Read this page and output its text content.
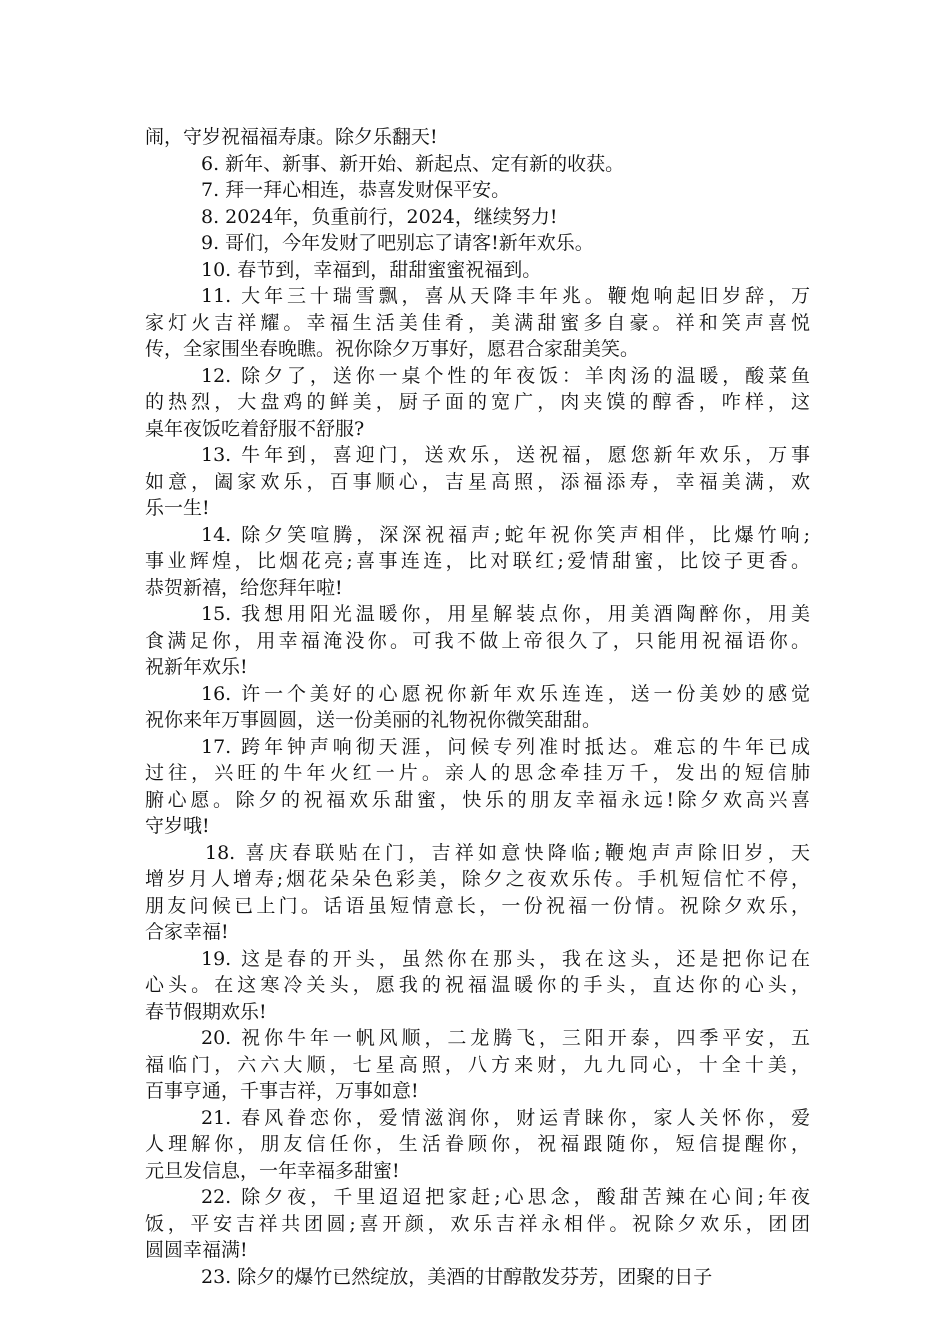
闹，守岁祝福福寿康。除夕乐翻天!
6. 新年、新事、新开始、新起点、定有新的收获。
7. 拜一拜心相连，恭喜发财保平安。
8. 2024年，负重前行，2024，继续努力!
9. 哥们，今年发财了吧别忘了请客!新年欢乐。
10. 春节到，幸福到，甜甜蜜蜜祝福到。
11. 大年三十瑞雪飘，喜从天降丰年兆。鞭炮响起旧岁辞，万
家灯火吉祥耀。幸福生活美佳肴，美满甜蜜多自豪。祥和笑声喜悦
传，全家围坐春晚瞧。祝你除夕万事好，愿君合家甜美笑。
12. 除夕了，送你一桌个性的年夜饭：羊肉汤的温暖，酸菜鱼
的热烈，大盘鸡的鲜美，厨子面的宽广，肉夹馍的醇香，咋样，这
桌年夜饭吃着舒服不舒服?
13. 牛年到，喜迎门，送欢乐，送祝福，愿您新年欢乐，万事
如意，阖家欢乐，百事顺心，吉星高照，添福添寿，幸福美满，欢
乐一生!
14. 除夕笑喧腾，深深祝福声;蛇年祝你笑声相伴，比爆竹响;
事业辉煌，比烟花亮;喜事连连，比对联红;爱情甜蜜，比饺子更香。
恭贺新禧，给您拜年啦!
15. 我想用阳光温暖你，用星解装点你，用美酒陶醉你，用美
食满足你，用幸福淹没你。可我不做上帝很久了，只能用祝福语你。
祝新年欢乐!
16. 许一个美好的心愿祝你新年欢乐连连，送一份美妙的感觉
祝你来年万事圆圆，送一份美丽的礼物祝你微笑甜甜。
17. 跨年钟声响彻天涯，问候专列准时抵达。难忘的牛年已成
过往，兴旺的牛年火红一片。亲人的思念牵挂万千，发出的短信肺
腑心愿。除夕的祝福欢乐甜蜜，快乐的朋友幸福永远!除夕欢高兴喜
守岁哦!
18. 喜庆春联贴在门，吉祥如意快降临;鞭炮声声除旧岁，天
增岁月人增寿;烟花朵朵色彩美，除夕之夜欢乐传。手机短信忙不停，
朋友问候已上门。话语虽短情意长，一份祝福一份情。祝除夕欢乐，
合家幸福!
19. 这是春的开头，虽然你在那头，我在这头，还是把你记在
心头。在这寒冷关头，愿我的祝福温暖你的手头，直达你的心头，
春节假期欢乐!
20. 祝你牛年一帆风顺，二龙腾飞，三阳开泰，四季平安，五
福临门，六六大顺，七星高照，八方来财，九九同心，十全十美，
百事亨通，千事吉祥，万事如意!
21. 春风眷恋你，爱情滋润你，财运青睐你，家人关怀你，爱
人理解你，朋友信任你，生活眷顾你，祝福跟随你，短信提醒你，
元旦发信息，一年幸福多甜蜜!
22. 除夕夜，千里迢迢把家赶;心思念，酸甜苦辣在心间;年夜
饭，平安吉祥共团圆;喜开颜，欢乐吉祥永相伴。祝除夕欢乐，团团
圆圆幸福满!
23. 除夕的爆竹已然绽放，美酒的甘醇散发芬芳，团聚的日子
